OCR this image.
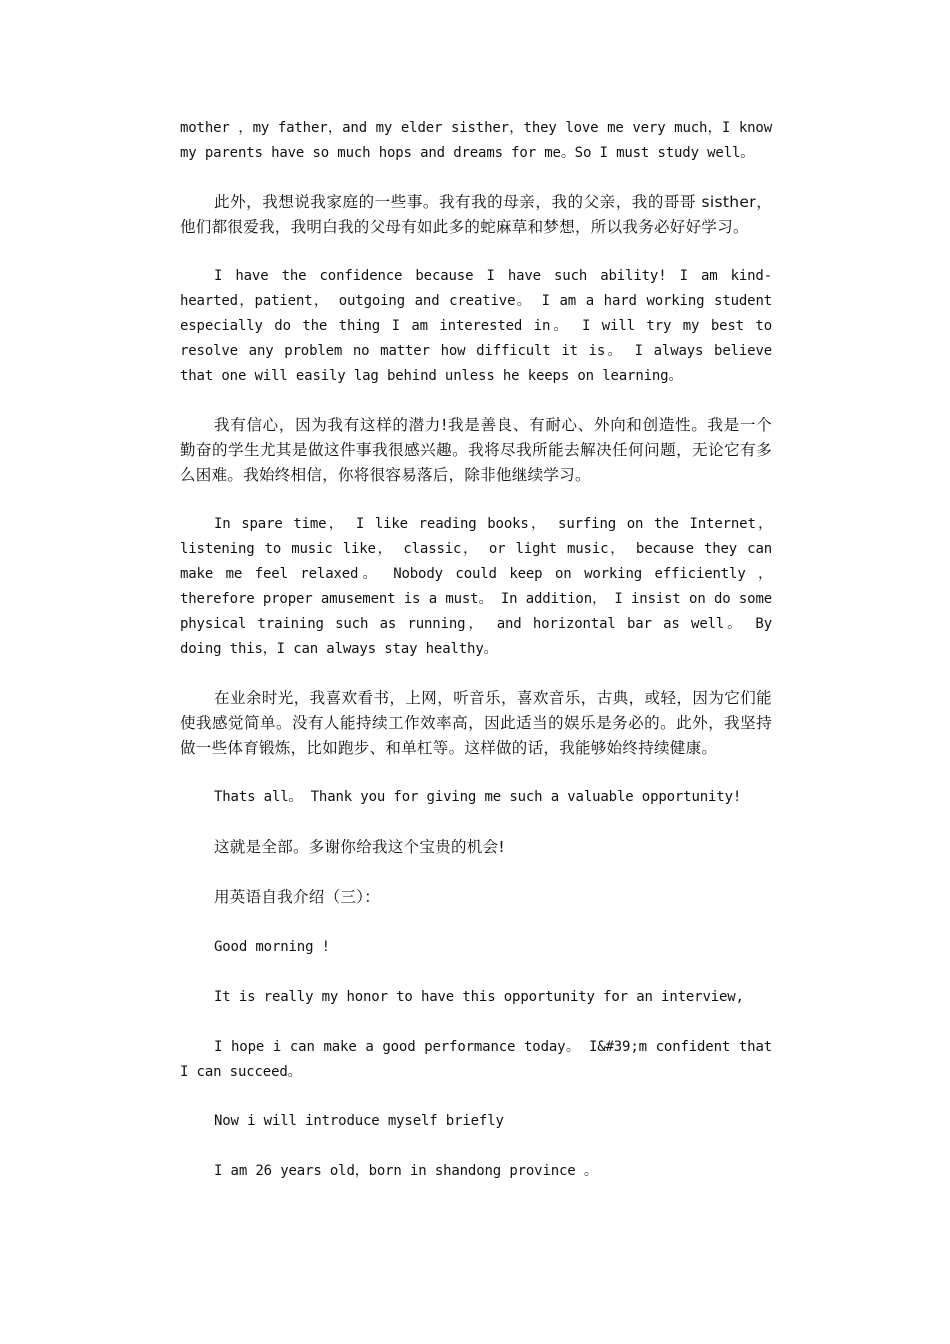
mother ，my father，and my elder sisther，they love me very much，I know my parents have so much hops and dreams for me。So I must study well。

此外，我想说我家庭的一些事。我有我的母亲，我的父亲，我的哥哥 sisther，他们都很爱我，我明白我的父母有如此多的蛇麻草和梦想，所以我务必好好学习。

I have the confidence because I have such ability! I am kind-hearted，patient， outgoing and creative。 I am a hard working student especially do the thing I am interested in。 I will try my best to resolve any problem no matter how difficult it is。 I always believe that one will easily lag behind unless he keeps on learning。

我有信心，因为我有这样的潜力!我是善良、有耐心、外向和创造性。我是一个勤奋的学生尤其是做这件事我很感兴趣。我将尽我所能去解决任何问题，无论它有多么困难。我始终相信，你将很容易落后，除非他继续学习。

In spare time， I like reading books， surfing on the Internet，listening to music like， classic， or light music， because they can make me feel relaxed。 Nobody could keep on working efficiently ， therefore proper amusement is a must。 In addition， I insist on do some physical training such as running， and horizontal bar as well。 By doing this，I can always stay healthy。

在业余时光，我喜欢看书，上网，听音乐，喜欢音乐，古典，或轻，因为它们能使我感觉简单。没有人能持续工作效率高，因此适当的娱乐是务必的。此外，我坚持做一些体育锻炼，比如跑步、和单杠等。这样做的话，我能够始终持续健康。

Thats all。 Thank you for giving me such a valuable opportunity!

这就是全部。多谢你给我这个宝贵的机会!

用英语自我介绍（三）：

Good morning !

It is really my honor to have this opportunity for an interview,

I hope i can make a good performance today。 I&#39;m confident that I can succeed。

Now i will introduce myself briefly

I am 26 years old，born in shandong province 。
